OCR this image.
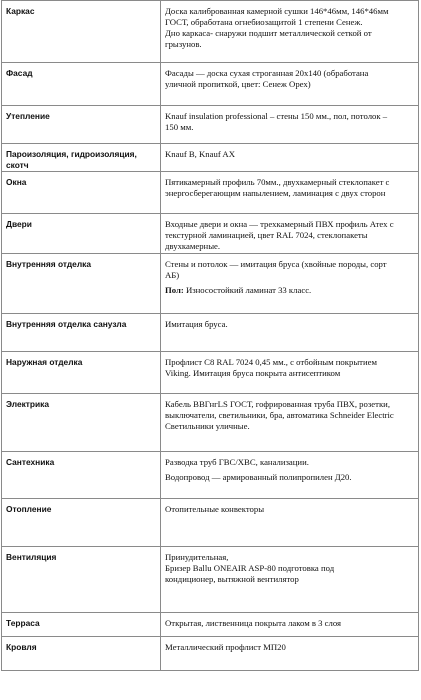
Каркас	Доска калиброванная камерной сушки 146*46мм, 146*46мм
ГОСТ, обработана огнебиозащитой 1 степени Сенеж.
Дно каркаса- снаружи подшит металлической сеткой от
грызунов.

Фасад	Фасады — доска сухая строганная 20х140 (обработана
уличной пропиткой, цвет: Сенеж Орех)

Утепление	Knauf insulation professional – стены 150 мм., пол, потолок –
150 мм.

Пароизоляция, гидроизоляция, скотч	Knauf B, Knauf AX

Окна	Пятикамерный профиль 70мм., двухкамерный стеклопакет с
энергосберегающим напылением, ламинация с двух сторон

Двери	Входные двери и окна — трехкамерный ПВХ профиль Атех с
текстурной ламинацией, цвет RAL 7024, стеклопакеты
двухкамерные.

Внутренняя отделка	Стены и потолок — имитация бруса (хвойные породы, сорт
АБ)
Пол: Износостойкий ламинат 33 класс.

Внутренняя отделка санузла	Имитация бруса.

Наружная отделка	Профлист С8 RAL 7024 0,45 мм., с отбойным покрытием
Viking. Имитация бруса покрыта антисептиком

Электрика	Кабель ВВГнгLS ГОСТ, гофрированная труба ПВХ, розетки,
выключатели, светильники, бра, автоматика Schneider Electric
Светильники уличные.

Сантехника	Разводка труб ГВС/ХВС, канализации.
Водопровод — армированный полипропилен Д20.

Отопление	Отопительные конвекторы

Вентиляция	Принудительная,
Бризер Ballu ONEAIR ASP-80 подготовка под
кондиционер, вытяжной вентилятор

Терраса	Открытая, лиственница покрыта лаком в 3 слоя

Кровля	Металлический профлист МП20
